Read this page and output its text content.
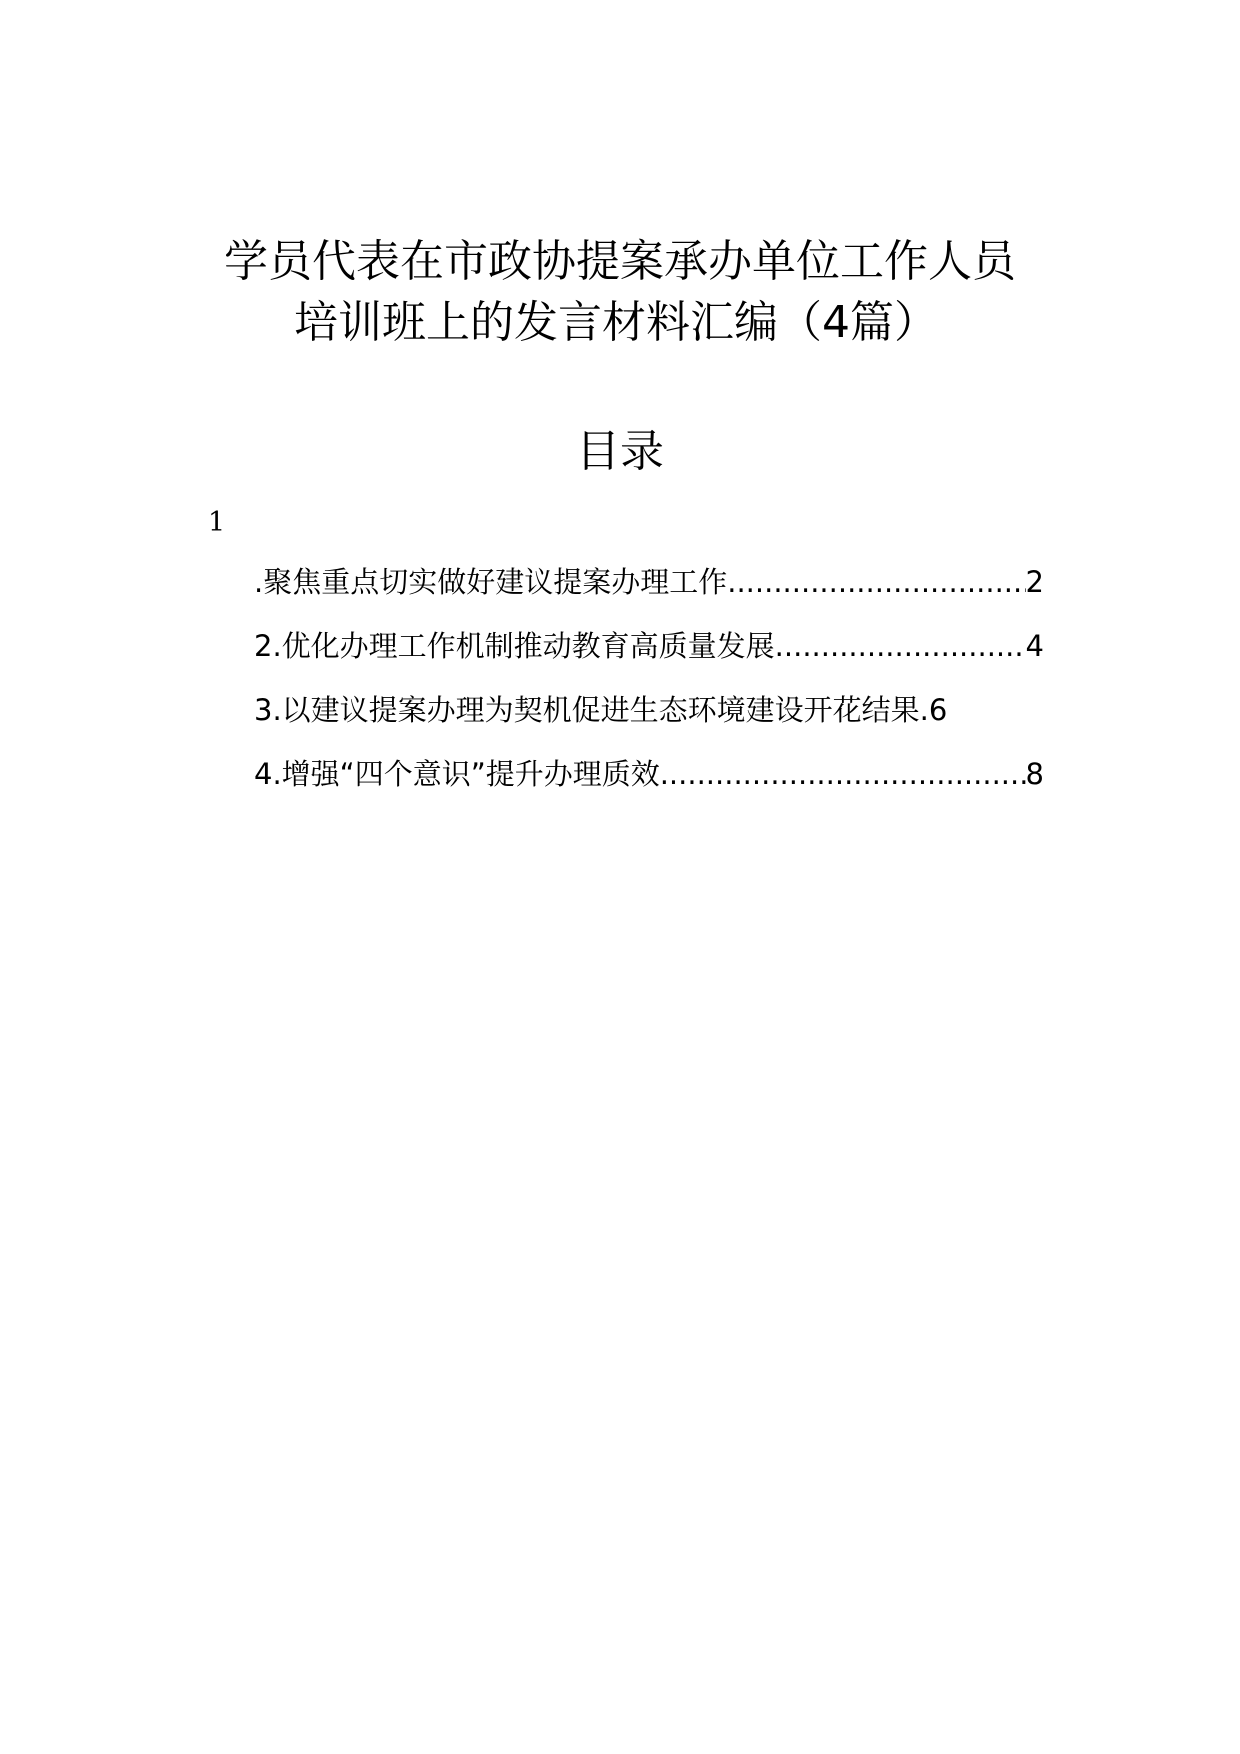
学员代表在市政协提案承办单位工作人员
培训班上的发言材料汇编（4篇）
目录
1
.聚焦重点切实做好建议提案办理工作 .....	2
2.优化办理工作机制推动教育高质量发展 .....	4
3.以建议提案办理为契机促进生态环境建设开花结果 .6
4.增强“四个意识”提升办理质效 .....	8
